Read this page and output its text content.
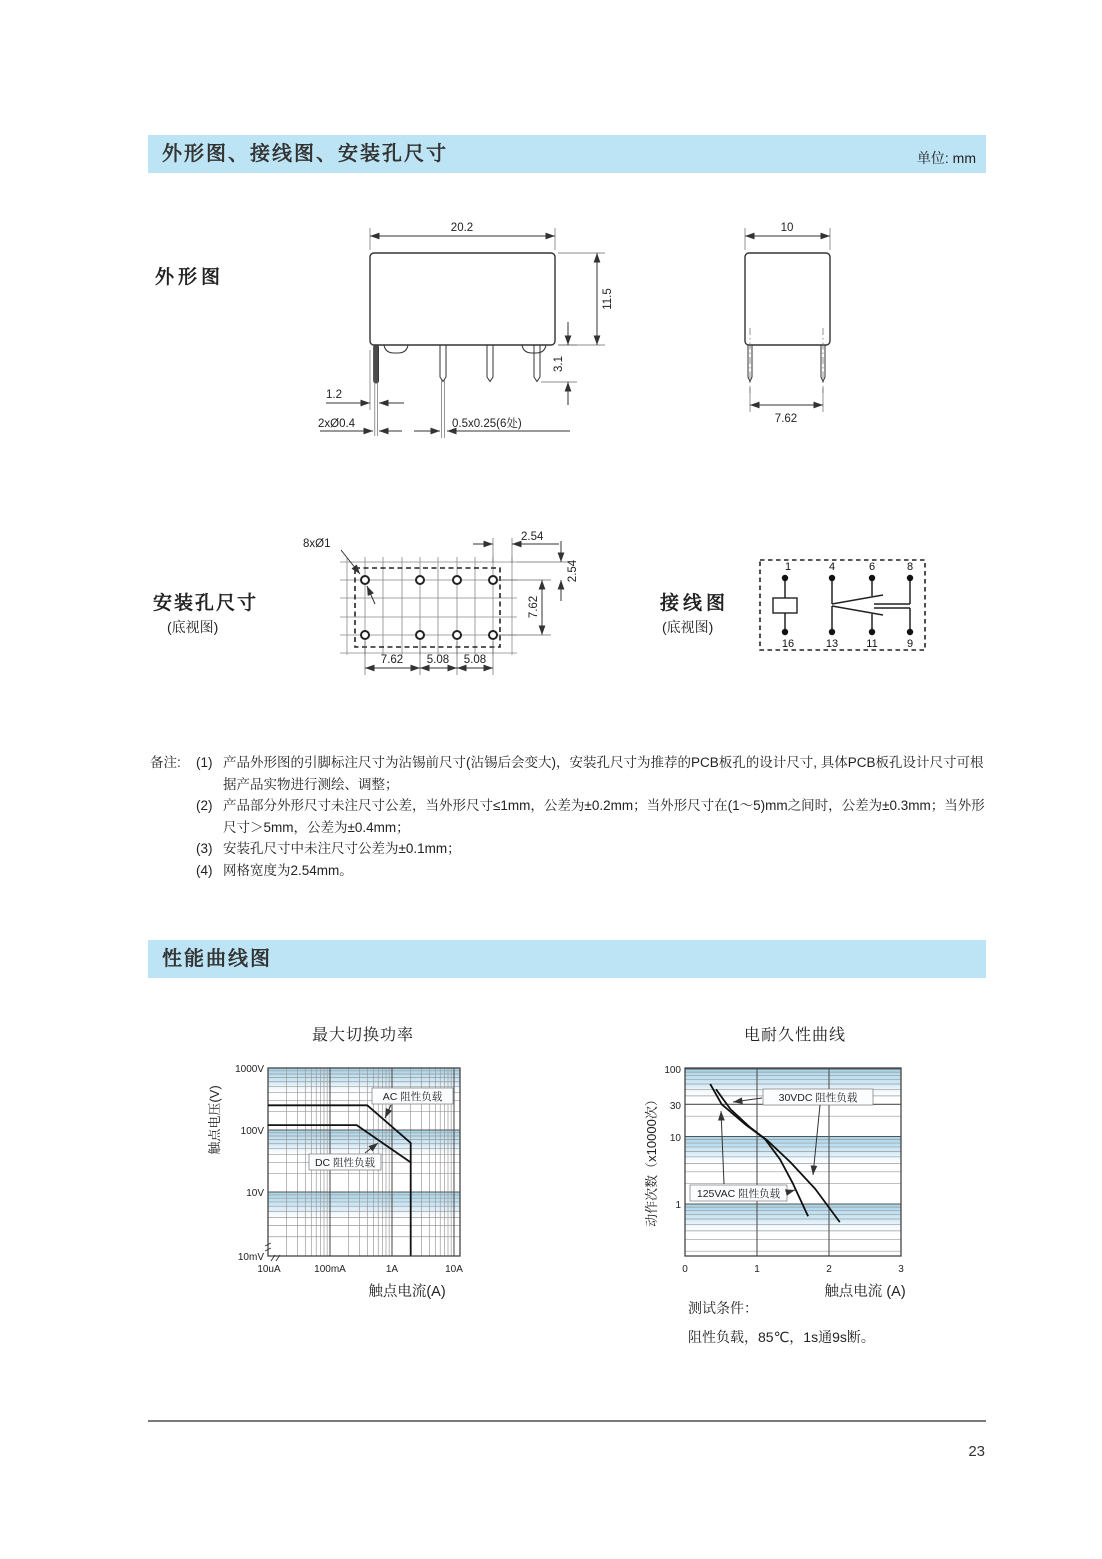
外形图、接线图、安装孔尺寸	单位: mm
外形图
20.2
11.5
3.1
1.2
2xØ0.4	0.5x0.25(6处)
10
7.62
安装孔尺寸
(底视图)
8xØ1
2.54
7.62
2.54
7.62 5.08 5.08
接线图
(底视图)
1	4	6	8
16	13	11	9
备注:	(1) 产品外形图的引脚标注尺寸为沾锡前尺寸(沾锡后会变大)，安装孔尺寸为推荐的PCB板孔的设计尺寸, 具体PCB板孔设计尺寸可根据产品实物进行测绘、调整；
(2) 产品部分外形尺寸未注尺寸公差，当外形尺寸≤1mm，公差为±0.2mm；当外形尺寸在(1～5)mm之间时，公差为±0.3mm；当外形尺寸＞5mm，公差为±0.4mm；
(3) 安装孔尺寸中未注尺寸公差为±0.1mm；
(4) 网格宽度为2.54mm。
性能曲线图
最大切换功率	电耐久性曲线
AC 阻性负载
DC 阻性负载
1000V
100V
10V
10mV
10uA	100mA	1A	10A
触点电压(V)
触点电流(A)
30VDC 阻性负载
125VAC 阻性负载
100
30
10
1
0	1	2	3
动作次数（x10000次）
触点电流 (A)
测试条件：
阻性负载，85℃，1s通9s断。
23
